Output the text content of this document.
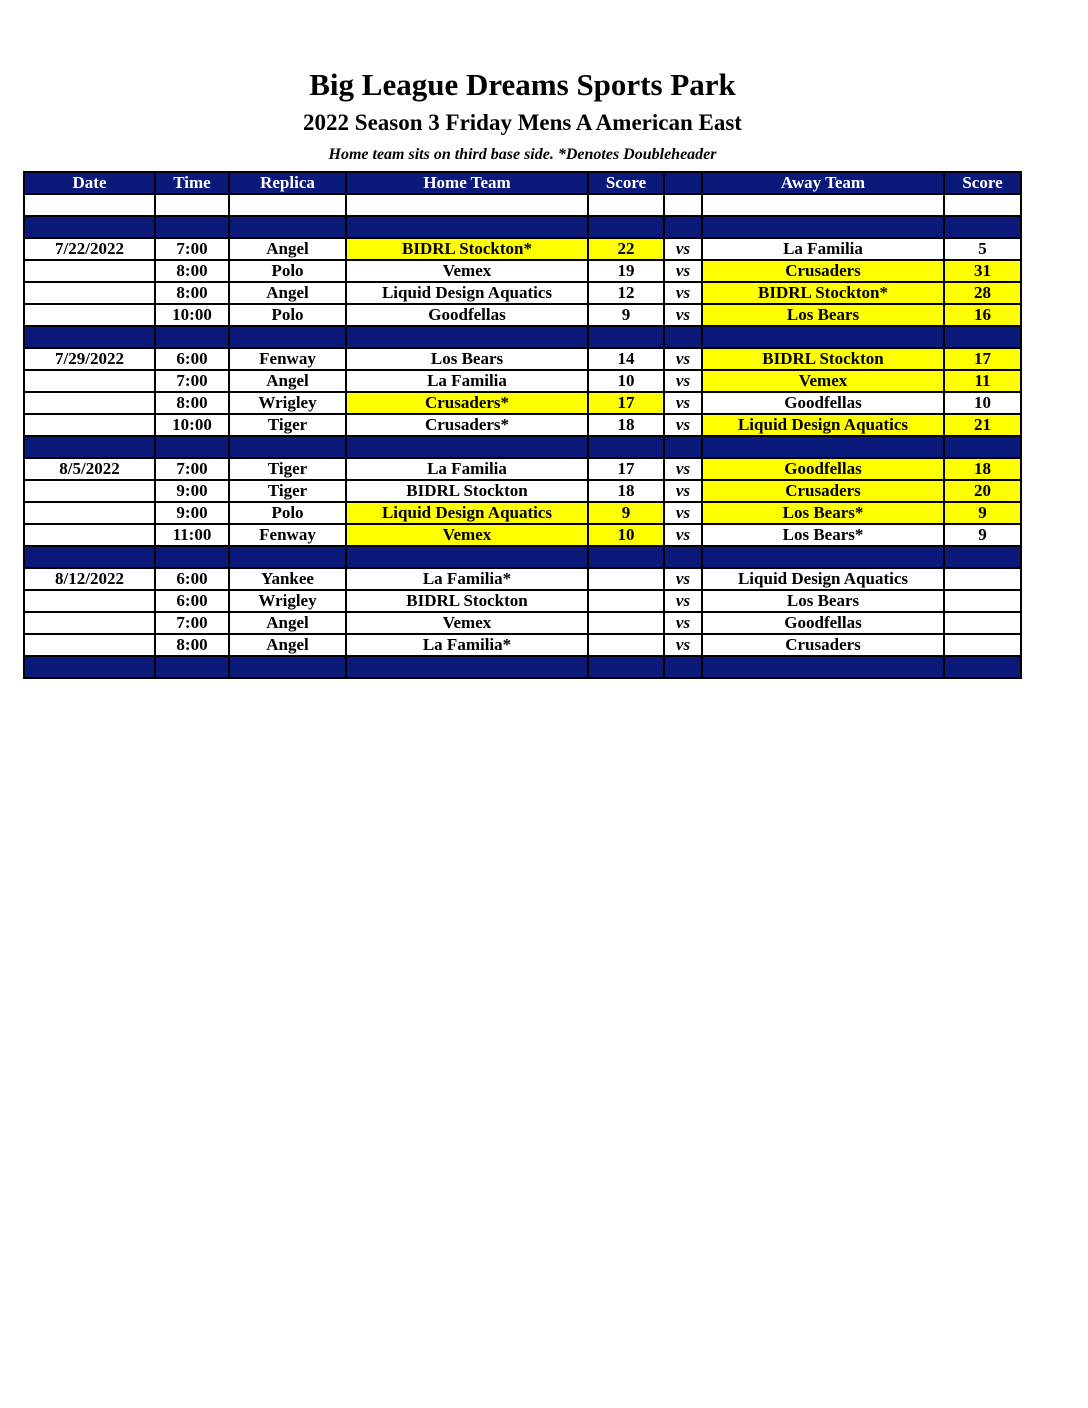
Big League Dreams Sports Park
2022 Season 3 Friday Mens A American East
Home team sits on third base side. *Denotes Doubleheader
Date	Time	Replica	Home Team	Score		Away Team	Score

7/22/2022	7:00	Angel	BIDRL Stockton*	22	vs	La Familia	5
	8:00	Polo	Vemex	19	vs	Crusaders	31
	8:00	Angel	Liquid Design Aquatics	12	vs	BIDRL Stockton*	28
	10:00	Polo	Goodfellas	9	vs	Los Bears	16

7/29/2022	6:00	Fenway	Los Bears	14	vs	BIDRL Stockton	17
	7:00	Angel	La Familia	10	vs	Vemex	11
	8:00	Wrigley	Crusaders*	17	vs	Goodfellas	10
	10:00	Tiger	Crusaders*	18	vs	Liquid Design Aquatics	21

8/5/2022	7:00	Tiger	La Familia	17	vs	Goodfellas	18
	9:00	Tiger	BIDRL Stockton	18	vs	Crusaders	20
	9:00	Polo	Liquid Design Aquatics	9	vs	Los Bears*	9
	11:00	Fenway	Vemex	10	vs	Los Bears*	9

8/12/2022	6:00	Yankee	La Familia*		vs	Liquid Design Aquatics	
	6:00	Wrigley	BIDRL Stockton		vs	Los Bears	
	7:00	Angel	Vemex		vs	Goodfellas	
	8:00	Angel	La Familia*		vs	Crusaders	
